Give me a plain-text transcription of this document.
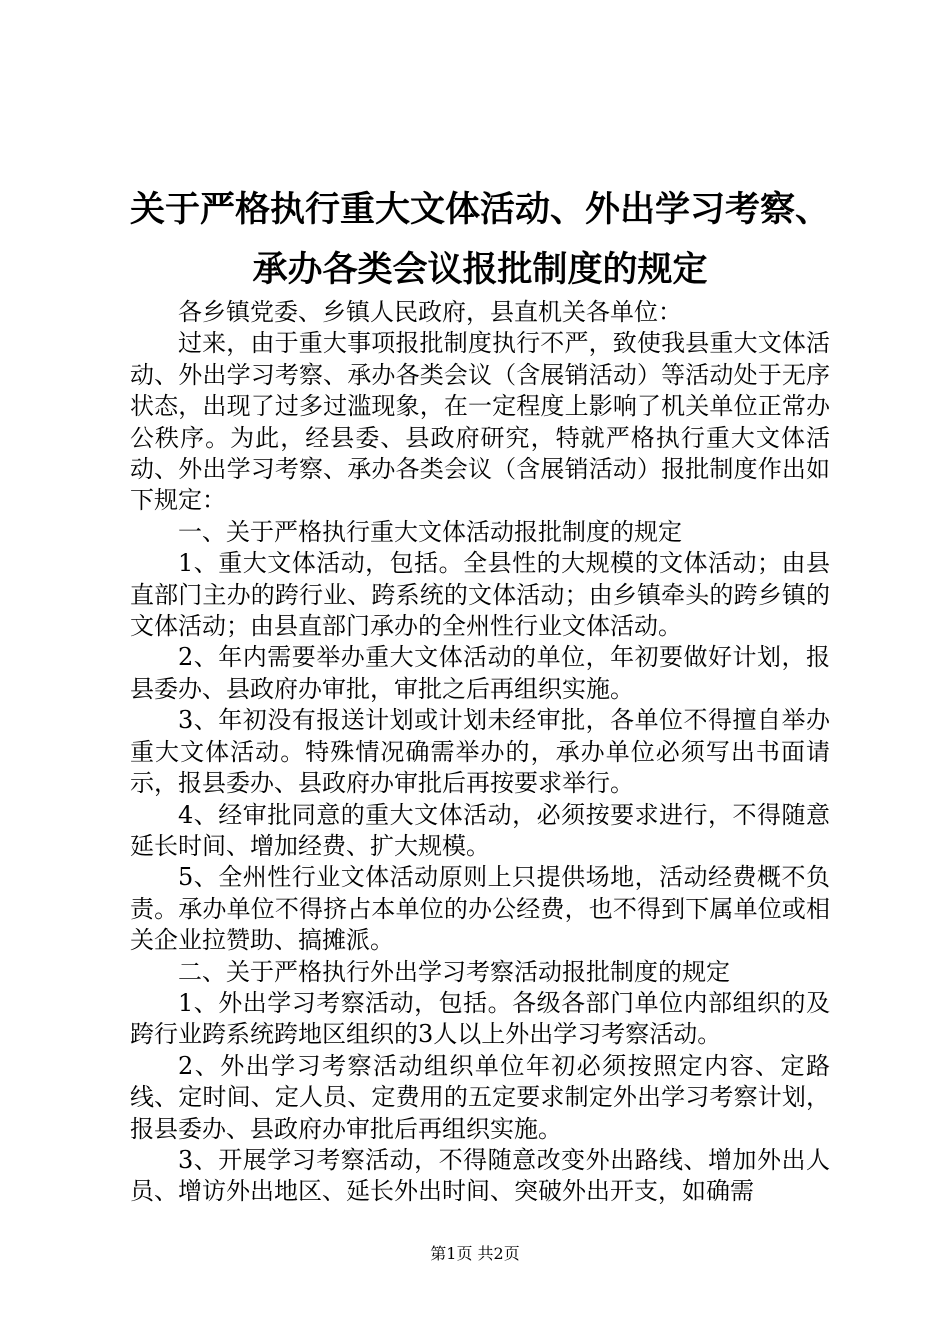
关于严格执行重大文体活动、外出学习考察、
承办各类会议报批制度的规定

各乡镇党委、乡镇人民政府，县直机关各单位：

过来，由于重大事项报批制度执行不严，致使我县重大文体活动、外出学习考察、承办各类会议（含展销活动）等活动处于无序状态，出现了过多过滥现象，在一定程度上影响了机关单位正常办公秩序。为此，经县委、县政府研究，特就严格执行重大文体活动、外出学习考察、承办各类会议（含展销活动）报批制度作出如下规定：

一、关于严格执行重大文体活动报批制度的规定

1、重大文体活动，包括。全县性的大规模的文体活动；由县直部门主办的跨行业、跨系统的文体活动；由乡镇牵头的跨乡镇的文体活动；由县直部门承办的全州性行业文体活动。

2、年内需要举办重大文体活动的单位，年初要做好计划，报县委办、县政府办审批，审批之后再组织实施。

3、年初没有报送计划或计划未经审批，各单位不得擅自举办重大文体活动。特殊情况确需举办的，承办单位必须写出书面请示，报县委办、县政府办审批后再按要求举行。

4、经审批同意的重大文体活动，必须按要求进行，不得随意延长时间、增加经费、扩大规模。

5、全州性行业文体活动原则上只提供场地，活动经费概不负责。承办单位不得挤占本单位的办公经费，也不得到下属单位或相关企业拉赞助、搞摊派。

二、关于严格执行外出学习考察活动报批制度的规定

1、外出学习考察活动，包括。各级各部门单位内部组织的及跨行业跨系统跨地区组织的3人以上外出学习考察活动。

2、外出学习考察活动组织单位年初必须按照定内容、定路线、定时间、定人员、定费用的五定要求制定外出学习考察计划，报县委办、县政府办审批后再组织实施。

3、开展学习考察活动，不得随意改变外出路线、增加外出人员、增访外出地区、延长外出时间、突破外出开支，如确需

第1页 共2页
